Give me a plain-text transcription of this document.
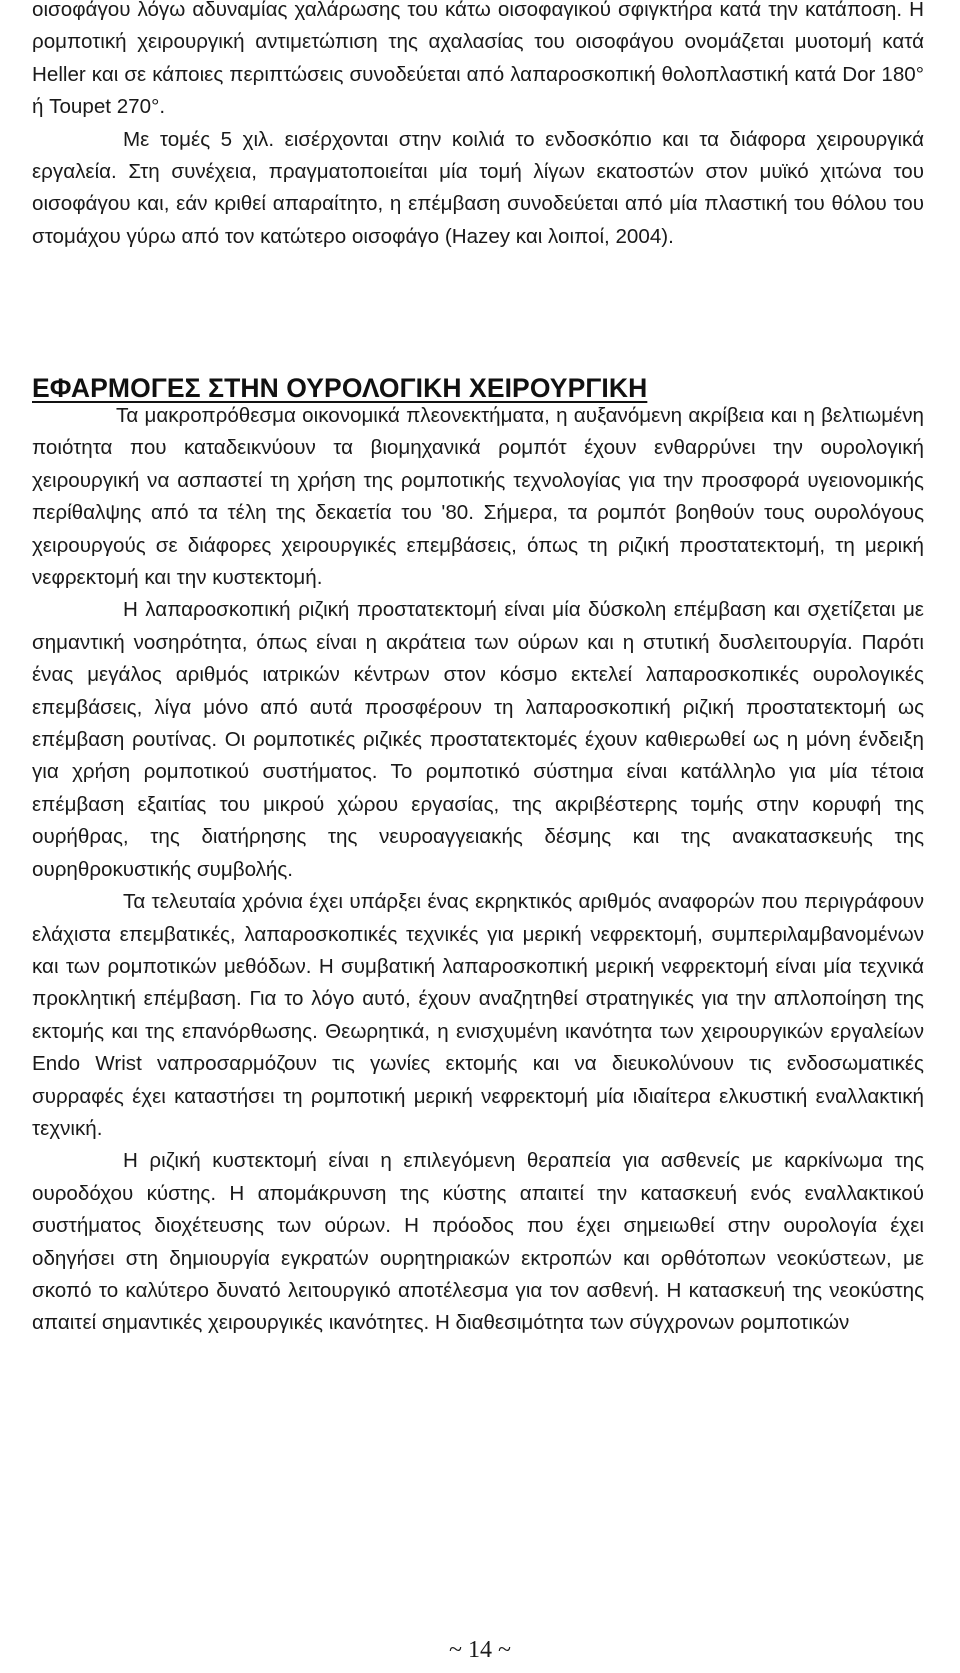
οισοφάγου λόγω αδυναμίας χαλάρωσης του κάτω οισοφαγικού σφιγκτήρα κατά την κατάποση. Η ρομποτική χειρουργική αντιμετώπιση της αχαλασίας του οισοφάγου ονομάζεται μυοτομή κατά Heller και σε κάποιες περιπτώσεις συνοδεύεται από λαπαροσκοπική θολοπλαστική κατά Dor 180° ή Toupet 270°.

Με τομές 5 χιλ. εισέρχονται στην κοιλιά το ενδοσκόπιο και τα διάφορα χειρουργικά εργαλεία. Στη συνέχεια, πραγματοποιείται μία τομή λίγων εκατοστών στον μυϊκό χιτώνα του οισοφάγου και, εάν κριθεί απαραίτητο, η επέμβαση συνοδεύεται από μία πλαστική του θόλου του στομάχου γύρω από τον κατώτερο οισοφάγο (Hazey και λοιποί, 2004).

ΕΦΑΡΜΟΓΕΣ ΣΤΗΝ ΟΥΡΟΛΟΓΙΚΗ ΧΕΙΡΟΥΡΓΙΚΗ

Τα μακροπρόθεσμα οικονομικά πλεονεκτήματα, η αυξανόμενη ακρίβεια και η βελτιωμένη ποιότητα που καταδεικνύουν τα βιομηχανικά ρομπότ έχουν ενθαρρύνει την ουρολογική χειρουργική να ασπαστεί τη χρήση της ρομποτικής τεχνολογίας για την προσφορά υγειονομικής περίθαλψης από τα τέλη της δεκαετία του '80. Σήμερα, τα ρομπότ βοηθούν τους ουρολόγους χειρουργούς σε διάφορες χειρουργικές επεμβάσεις, όπως τη ριζική προστατεκτομή, τη μερική νεφρεκτομή και την κυστεκτομή.

Η λαπαροσκοπική ριζική προστατεκτομή είναι μία δύσκολη επέμβαση και σχετίζεται με σημαντική νοσηρότητα, όπως είναι η ακράτεια των ούρων και η στυτική δυσλειτουργία. Παρότι ένας μεγάλος αριθμός ιατρικών κέντρων στον κόσμο εκτελεί λαπαροσκοπικές ουρολογικές επεμβάσεις, λίγα μόνο από αυτά προσφέρουν τη λαπαροσκοπική ριζική προστατεκτομή ως επέμβαση ρουτίνας. Οι ρομποτικές ριζικές προστατεκτομές έχουν καθιερωθεί ως η μόνη ένδειξη για χρήση ρομποτικού συστήματος. Το ρομποτικό σύστημα είναι κατάλληλο για μία τέτοια επέμβαση εξαιτίας του μικρού χώρου εργασίας, της ακριβέστερης τομής στην κορυφή της ουρήθρας, της διατήρησης της νευροαγγειακής δέσμης και της ανακατασκευής της ουρηθροκυστικής συμβολής.

Τα τελευταία χρόνια έχει υπάρξει ένας εκρηκτικός αριθμός αναφορών που περιγράφουν ελάχιστα επεμβατικές, λαπαροσκοπικές τεχνικές για μερική νεφρεκτομή, συμπεριλαμβανομένων και των ρομποτικών μεθόδων. Η συμβατική λαπαροσκοπική μερική νεφρεκτομή είναι μία τεχνικά προκλητική επέμβαση. Για το λόγο αυτό, έχουν αναζητηθεί στρατηγικές για την απλοποίηση της εκτομής και της επανόρθωσης. Θεωρητικά, η ενισχυμένη ικανότητα των χειρουργικών εργαλείων Endo Wrist ναπροσαρμόζουν τις γωνίες εκτομής και να διευκολύνουν τις ενδοσωματικές συρραφές έχει καταστήσει τη ρομποτική μερική νεφρεκτομή μία ιδιαίτερα ελκυστική εναλλακτική τεχνική.

Η ριζική κυστεκτομή είναι η επιλεγόμενη θεραπεία για ασθενείς με καρκίνωμα της ουροδόχου κύστης. Η απομάκρυνση της κύστης απαιτεί την κατασκευή ενός εναλλακτικού συστήματος διοχέτευσης των ούρων. Η πρόοδος που έχει σημειωθεί στην ουρολογία έχει οδηγήσει στη δημιουργία εγκρατών ουρητηριακών εκτροπών και ορθότοπων νεοκύστεων, με σκοπό το καλύτερο δυνατό λειτουργικό αποτέλεσμα για τον ασθενή. Η κατασκευή της νεοκύστης απαιτεί σημαντικές χειρουργικές ικανότητες. Η διαθεσιμότητα των σύγχρονων ρομποτικών

~ 14 ~
